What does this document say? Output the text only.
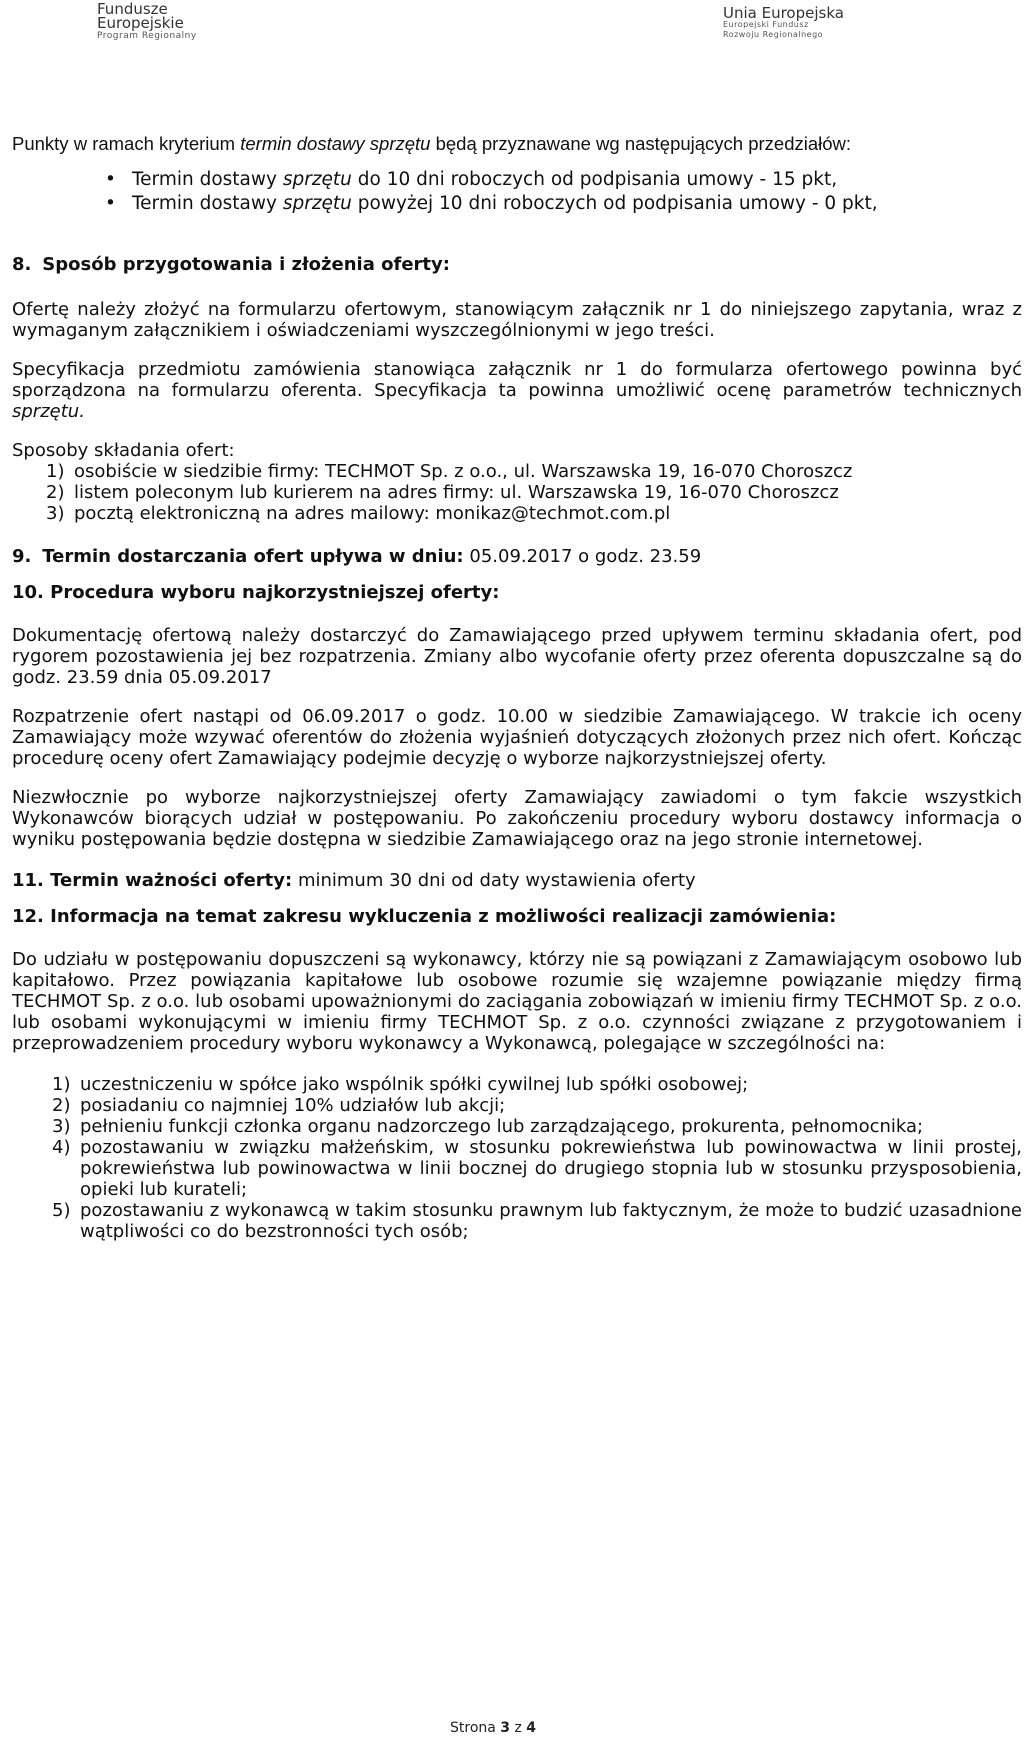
Fundusze
Europejskie
Program Regionalny
Unia Europejska
Europejski Fundusz
Rozwoju Regionalnego

Punkty w ramach kryterium termin dostawy sprzętu będą przyznawane wg następujących przedziałów:

• Termin dostawy sprzętu do 10 dni roboczych od podpisania umowy - 15 pkt,
• Termin dostawy sprzętu powyżej 10 dni roboczych od podpisania umowy - 0 pkt,
8. Sposób przygotowania i złożenia oferty:

Ofertę należy złożyć na formularzu ofertowym, stanowiącym załącznik nr 1 do niniejszego zapytania, wraz z wymaganym załącznikiem i oświadczeniami wyszczególnionymi w jego treści.

Specyfikacja przedmiotu zamówienia stanowiąca załącznik nr 1 do formularza ofertowego powinna być sporządzona na formularzu oferenta. Specyfikacja ta powinna umożliwić ocenę parametrów technicznych sprzętu.

Sposoby składania ofert:

1) osobiście w siedzibie firmy: TECHMOT Sp. z o.o., ul. Warszawska 19, 16-070 Choroszcz
2) listem poleconym lub kurierem na adres firmy: ul. Warszawska 19, 16-070 Choroszcz
3) pocztą elektroniczną na adres mailowy: monikaz@techmot.com.pl
9. Termin dostarczania ofert upływa w dniu: 05.09.2017 o godz. 23.59
10. Procedura wyboru najkorzystniejszej oferty:

Dokumentację ofertową należy dostarczyć do Zamawiającego przed upływem terminu składania ofert, pod rygorem pozostawienia jej bez rozpatrzenia. Zmiany albo wycofanie oferty przez oferenta dopuszczalne są do godz. 23.59 dnia 05.09.2017

Rozpatrzenie ofert nastąpi od 06.09.2017 o godz. 10.00 w siedzibie Zamawiającego. W trakcie ich oceny Zamawiający może wzywać oferentów do złożenia wyjaśnień dotyczących złożonych przez nich ofert. Kończąc procedurę oceny ofert Zamawiający podejmie decyzję o wyborze najkorzystniejszej oferty.

Niezwłocznie po wyborze najkorzystniejszej oferty Zamawiający zawiadomi o tym fakcie wszystkich Wykonawców biorących udział w postępowaniu. Po zakończeniu procedury wyboru dostawcy informacja o wyniku postępowania będzie dostępna w siedzibie Zamawiającego oraz na jego stronie internetowej.

11. Termin ważności oferty: minimum 30 dni od daty wystawienia oferty
12. Informacja na temat zakresu wykluczenia z możliwości realizacji zamówienia:

Do udziału w postępowaniu dopuszczeni są wykonawcy, którzy nie są powiązani z Zamawiającym osobowo lub kapitałowo. Przez powiązania kapitałowe lub osobowe rozumie się wzajemne powiązanie między firmą TECHMOT Sp. z o.o. lub osobami upoważnionymi do zaciągania zobowiązań w imieniu firmy TECHMOT Sp. z o.o. lub osobami wykonującymi w imieniu firmy TECHMOT Sp. z o.o. czynności związane z przygotowaniem i przeprowadzeniem procedury wyboru wykonawcy a Wykonawcą, polegające w szczególności na:

1) uczestniczeniu w spółce jako wspólnik spółki cywilnej lub spółki osobowej;

2) posiadaniu co najmniej 10% udziałów lub akcji;

3) pełnieniu funkcji członka organu nadzorczego lub zarządzającego, prokurenta, pełnomocnika;

4) pozostawaniu w związku małżeńskim, w stosunku pokrewieństwa lub powinowactwa w linii prostej, pokrewieństwa lub powinowactwa w linii bocznej do drugiego stopnia lub w stosunku przysposobienia, opieki lub kurateli;

5) pozostawaniu z wykonawcą w takim stosunku prawnym lub faktycznym, że może to budzić uzasadnione wątpliwości co do bezstronności tych osób;

Strona 3 z 4
